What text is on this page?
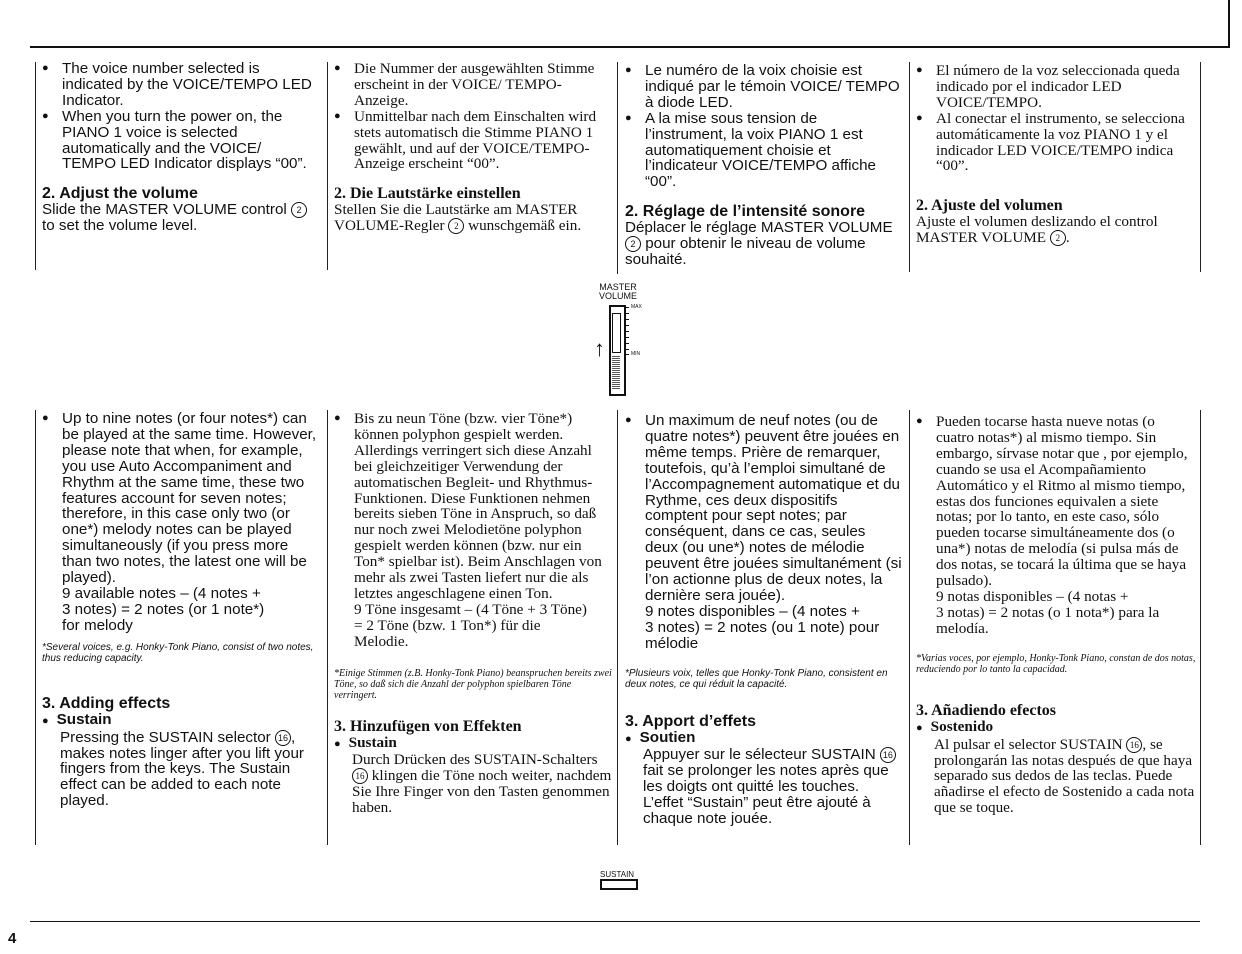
● The voice number selected is indicated by the VOICE/TEMPO LED Indicator.
● When you turn the power on, the PIANO 1 voice is selected automatically and the VOICE/ TEMPO LED Indicator displays “00”.

2. Adjust the volume

Slide the MASTER VOLUME control 2 to set the volume level.

● Die Nummer der ausgewählten Stimme erscheint in der VOICE/ TEMPO-Anzeige.
● Unmittelbar nach dem Einschalten wird stets automatisch die Stimme PIANO 1 gewählt, und auf der VOICE/TEMPO-Anzeige erscheint “00”.

2. Die Lautstärke einstellen

Stellen Sie die Lautstärke am MASTER VOLUME-Regler 2 wunschgemäß ein.

● Le numéro de la voix choisie est indiqué par le témoin VOICE/ TEMPO à diode LED.
● A la mise sous tension de l’instrument, la voix PIANO 1 est automatiquement choisie et l’indicateur VOICE/TEMPO affiche “00”.

2. Réglage de l’intensité sonore

Déplacer le réglage MASTER VOLUME 2 pour obtenir le niveau de volume souhaité.

● El número de la voz seleccionada queda indicado por el indicador LED VOICE/TEMPO.
● Al conectar el instrumento, se selecciona automáticamente la voz PIANO 1 y el indicador LED VOICE/TEMPO indica “00”.

2. Ajuste del volumen

Ajuste el volumen deslizando el control MASTER VOLUME 2 .

MASTER
VOLUME
↑
MAX
MIN
● Up to nine notes (or four notes*) can be played at the same time. However, please note that when, for example, you use Auto Accompaniment and Rhythm at the same time, these two features account for seven notes; therefore, in this case only two (or one*) melody notes can be played simultaneously (if you press more than two notes, the latest one will be played).
9 available notes – (4 notes +
3 notes) = 2 notes (or 1 note*)
for melody

*Several voices, e.g. Honky-Tonk Piano, consist of two notes, thus reducing capacity.

3. Adding effects

● Sustain

Pressing the SUSTAIN selector 16 , makes notes linger after you lift your fingers from the keys. The Sustain effect can be added to each note played.

● Bis zu neun Töne (bzw. vier Töne*) können polyphon gespielt werden. Allerdings verringert sich diese Anzahl bei gleichzeitiger Verwendung der automatischen Begleit- und Rhythmus-Funktionen. Diese Funktionen nehmen bereits sieben Töne in Anspruch, so daß nur noch zwei Melodietöne polyphon gespielt werden können (bzw. nur ein Ton* spielbar ist). Beim Anschlagen von mehr als zwei Tasten liefert nur die als letztes angeschlagene einen Ton.
9 Töne insgesamt – (4 Töne + 3 Töne)
= 2 Töne (bzw. 1 Ton*) für die
Melodie.

*Einige Stimmen (z.B. Honky-Tonk Piano) beanspruchen bereits zwei Töne, so daß sich die Anzahl der polyphon spielbaren Töne verringert.

3. Hinzufügen von Effekten

● Sustain

Durch Drücken des SUSTAIN-Schalters 16 klingen die Töne noch weiter, nachdem Sie Ihre Finger von den Tasten genommen haben.

● Un maximum de neuf notes (ou de quatre notes*) peuvent être jouées en même temps. Prière de remarquer, toutefois, qu’à l’emploi simultané de l’Accompagnement automatique et du Rythme, ces deux dispositifs comptent pour sept notes; par conséquent, dans ce cas, seules deux (ou une*) notes de mélodie peuvent être jouées simultanément (si l’on actionne plus de deux notes, la dernière sera jouée).
9 notes disponibles – (4 notes +
3 notes) = 2 notes (ou 1 note) pour
mélodie

*Plusieurs voix, telles que Honky-Tonk Piano, consistent en deux notes, ce qui réduit la capacité.

3. Apport d’effets

● Soutien

Appuyer sur le sélecteur SUSTAIN 16 fait se prolonger les notes après que les doigts ont quitté les touches. L’effet “Sustain” peut être ajouté à chaque note jouée.

● Pueden tocarse hasta nueve notas (o cuatro notas*) al mismo tiempo. Sin embargo, sírvase notar que , por ejemplo, cuando se usa el Acompañamiento Automático y el Ritmo al mismo tiempo, estas dos funciones equivalen a siete notas; por lo tanto, en este caso, sólo pueden tocarse simultáneamente dos (o una*) notas de melodía (si pulsa más de dos notas, se tocará la última que se haya pulsado).
9 notas disponibles – (4 notas +
3 notas) = 2 notas (o 1 nota*) para la
melodía.

*Varias voces, por ejemplo, Honky-Tonk Piano, constan de dos notas, reduciendo por lo tanto la capacidad.

3. Añadiendo efectos

● Sostenido

Al pulsar el selector SUSTAIN 16 , se prolongarán las notas después de que haya separado sus dedos de las teclas. Puede añadirse el efecto de Sostenido a cada nota que se toque.

SUSTAIN
4
